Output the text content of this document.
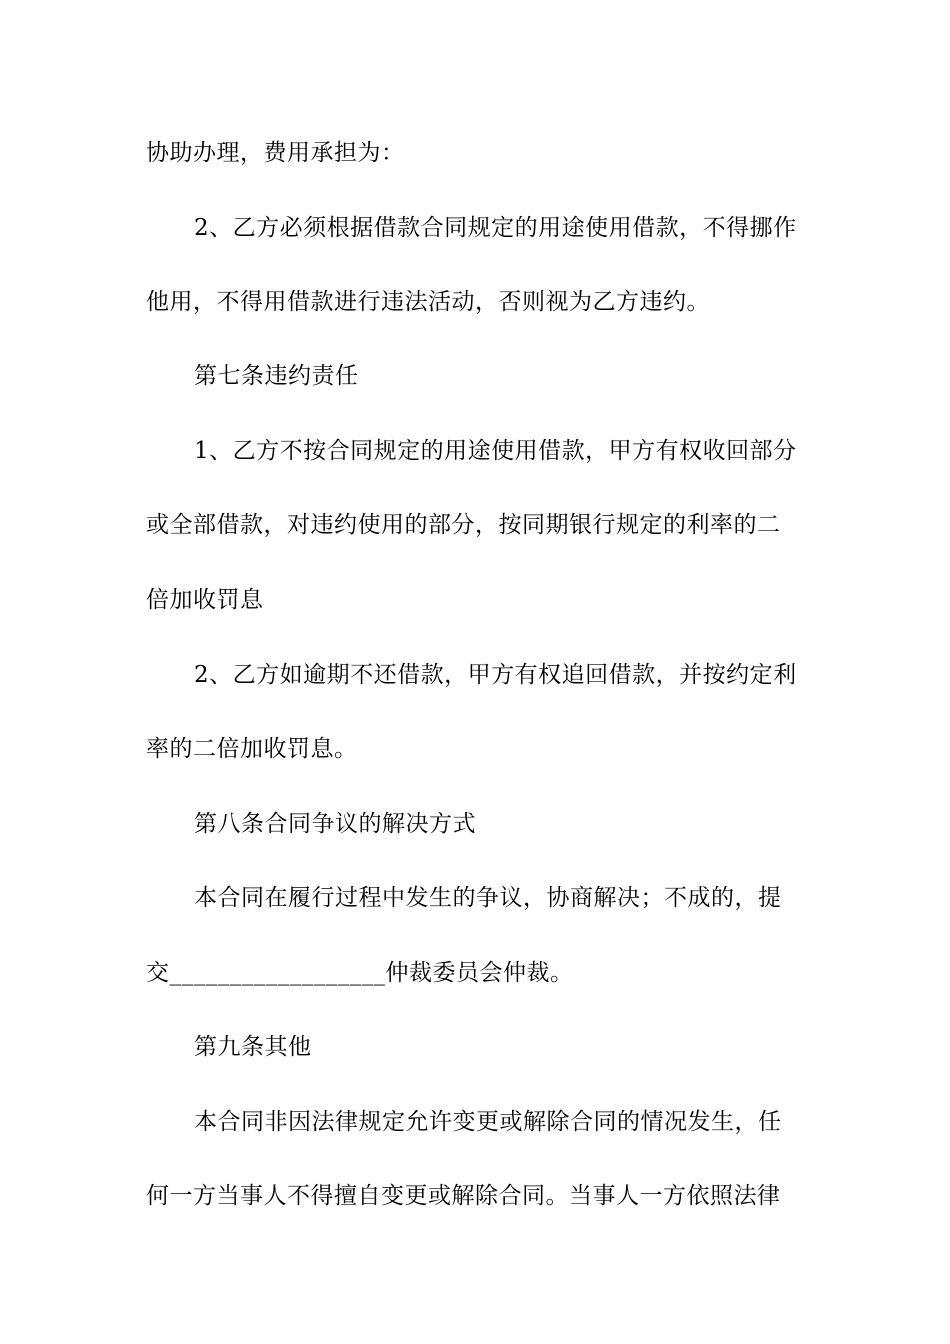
协助办理，费用承担为：
2、乙方必须根据借款合同规定的用途使用借款，不得挪作
他用，不得用借款进行违法活动，否则视为乙方违约。
第七条违约责任
1、乙方不按合同规定的用途使用借款，甲方有权收回部分
或全部借款，对违约使用的部分，按同期银行规定的利率的二
倍加收罚息
2、乙方如逾期不还借款，甲方有权追回借款，并按约定利
率的二倍加收罚息。
第八条合同争议的解决方式
本合同在履行过程中发生的争议，协商解决；不成的，提
交__________________仲裁委员会仲裁。
第九条其他
本合同非因法律规定允许变更或解除合同的情况发生，任
何一方当事人不得擅自变更或解除合同。当事人一方依照法律
